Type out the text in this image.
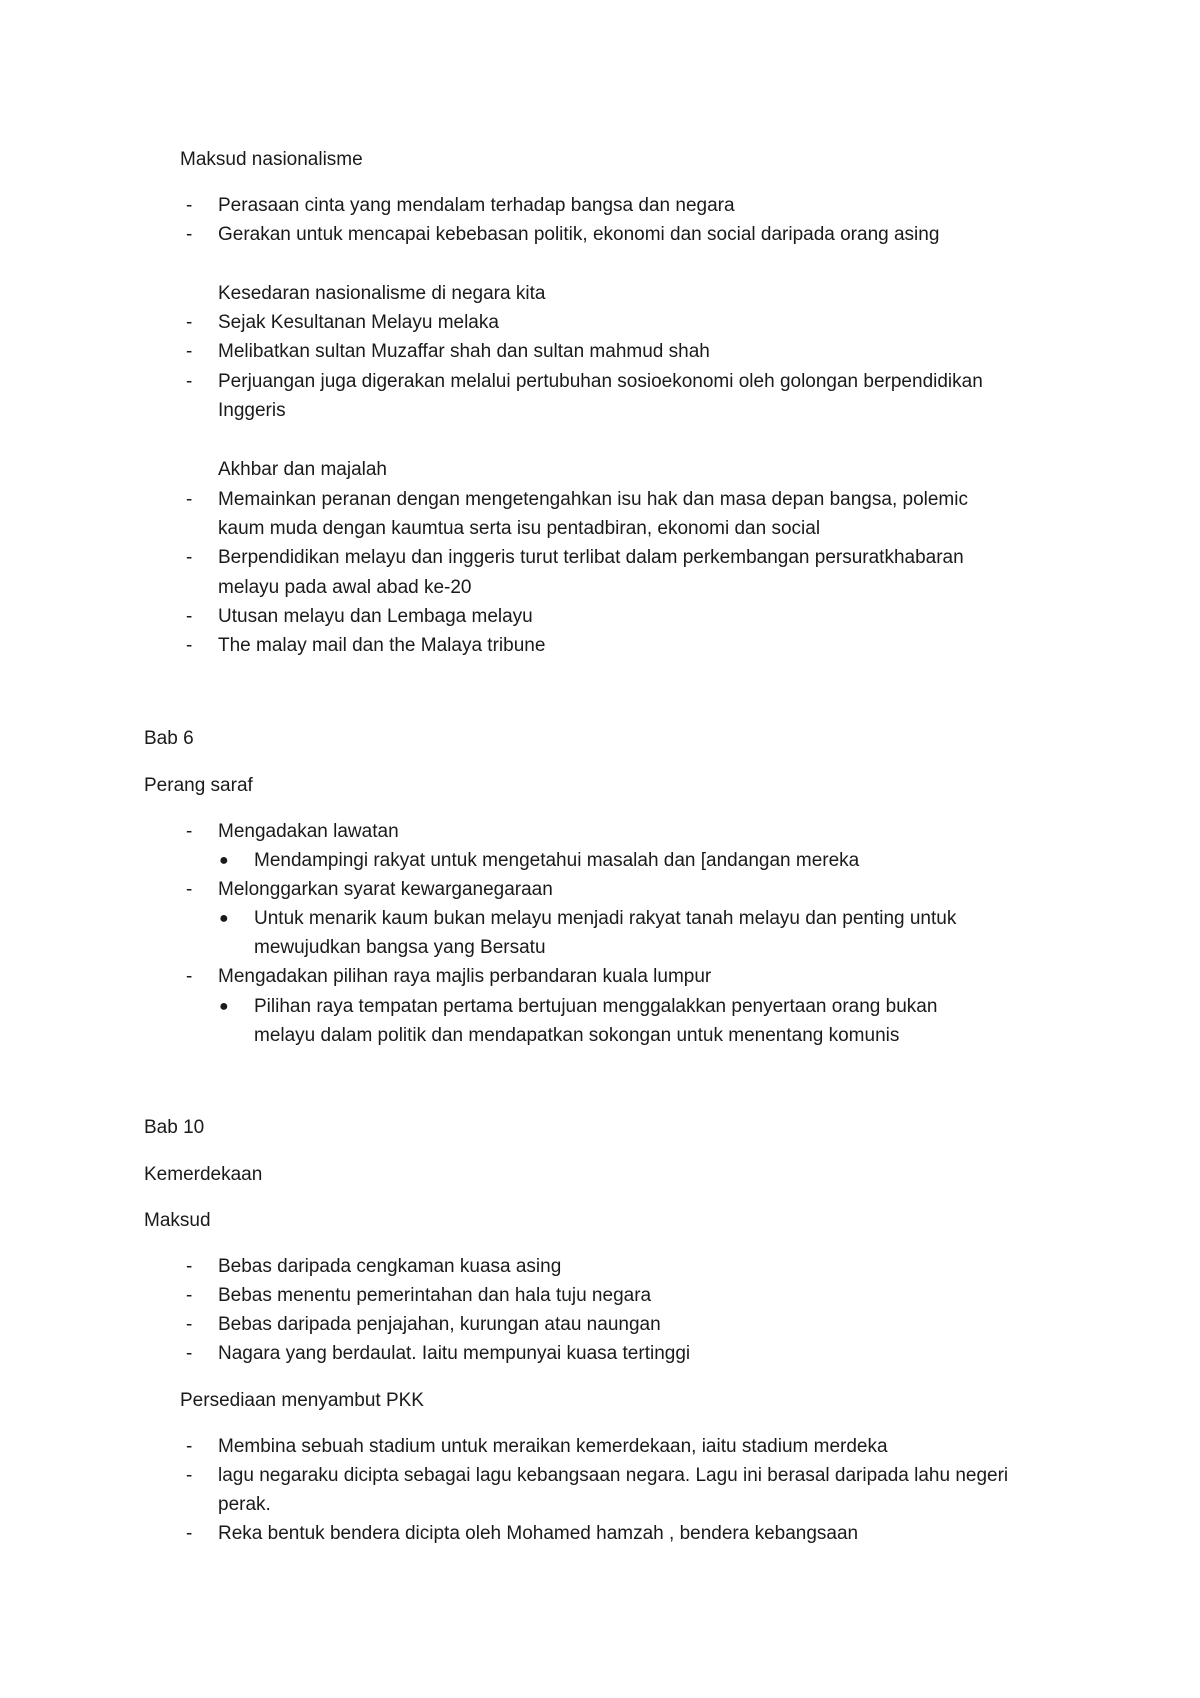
Maksud nasionalisme
- Perasaan cinta yang mendalam terhadap bangsa dan negara
- Gerakan untuk mencapai kebebasan politik, ekonomi dan social daripada orang asing
Kesedaran nasionalisme di negara kita
- Sejak Kesultanan Melayu melaka
- Melibatkan sultan Muzaffar shah dan sultan mahmud shah
- Perjuangan juga digerakan melalui pertubuhan sosioekonomi oleh golongan berpendidikan
Inggeris
Akhbar dan majalah
- Memainkan peranan dengan mengetengahkan isu hak dan masa depan bangsa, polemic
kaum muda dengan kaumtua serta isu pentadbiran, ekonomi dan social
- Berpendidikan melayu dan inggeris turut terlibat dalam perkembangan persuratkhabaran
melayu pada awal abad ke-20
- Utusan melayu dan Lembaga melayu
- The malay mail dan the Malaya tribune
Bab 6
Perang saraf
- Mengadakan lawatan
● Mendampingi rakyat untuk mengetahui masalah dan [andangan mereka
- Melonggarkan syarat kewarganegaraan
● Untuk menarik kaum bukan melayu menjadi rakyat tanah melayu dan penting untuk
mewujudkan bangsa yang Bersatu
- Mengadakan pilihan raya majlis perbandaran kuala lumpur
● Pilihan raya tempatan pertama bertujuan menggalakkan penyertaan orang bukan
melayu dalam politik dan mendapatkan sokongan untuk menentang komunis
Bab 10
Kemerdekaan
Maksud
- Bebas daripada cengkaman kuasa asing
- Bebas menentu pemerintahan dan hala tuju negara
- Bebas daripada penjajahan, kurungan atau naungan
- Nagara yang berdaulat. Iaitu mempunyai kuasa tertinggi
Persediaan menyambut PKK
- Membina sebuah stadium untuk meraikan kemerdekaan, iaitu stadium merdeka
- lagu negaraku dicipta sebagai lagu kebangsaan negara. Lagu ini berasal daripada lahu negeri
perak.
- Reka bentuk bendera dicipta oleh Mohamed hamzah , bendera kebangsaan
